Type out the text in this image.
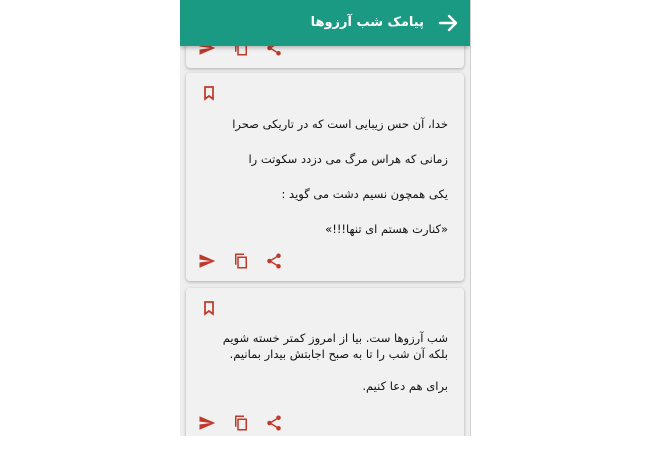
خدا، آن حس زیبایی است که در تاریکی صحرا
زمانی که هراس مرگ می دزدد سکوتت را
یکی همچون نسیم دشت می گوید :
«کنارت هستم ای تنها!!!»

شب آرزوها ست. بیا از امروز کمتر خسته شویم بلکه آن شب را تا به صبح اجابتش بیدار بمانیم.

برای هم دعا کنیم.

پیامک شب آرزوها
